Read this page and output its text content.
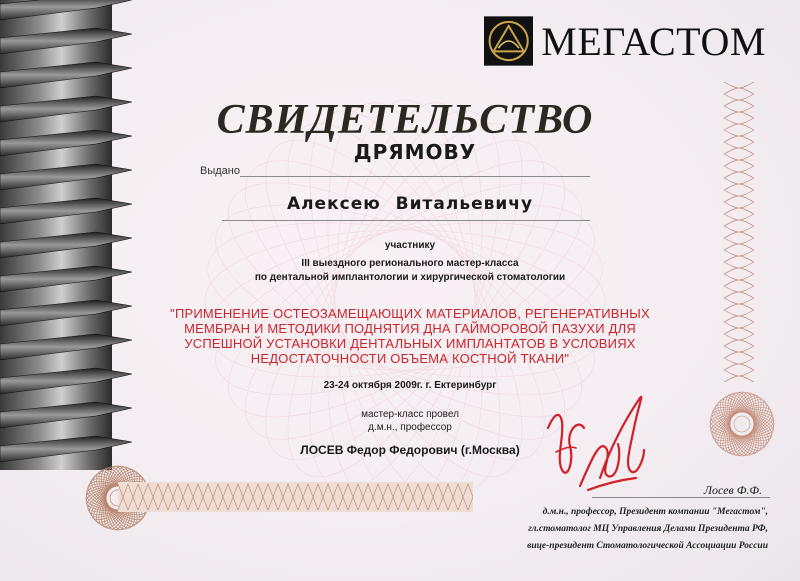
МЕГАСТОМ
СВИДЕТЕЛЬСТВО
ДРЯМОВУ
Выдано
Алексею Витальевичу
участнику
III выездного регионального мастер-класса
по дентальной имплантологии и хирургической стоматологии
"ПРИМЕНЕНИЕ ОСТЕОЗАМЕЩАЮЩИХ МАТЕРИАЛОВ, РЕГЕНЕРАТИВНЫХ
МЕМБРАН И МЕТОДИКИ ПОДНЯТИЯ ДНА ГАЙМОРОВОЙ ПАЗУХИ ДЛЯ
УСПЕШНОЙ УСТАНОВКИ ДЕНТАЛЬНЫХ ИМПЛАНТАТОВ В УСЛОВИЯХ
НЕДОСТАТОЧНОСТИ ОБЪЕМА КОСТНОЙ ТКАНИ"
23-24 октября 2009г. г. Ектеринбург
мастер-класс провел
д.м.н., профессор
ЛОСЕВ Федор Федорович (г.Москва)
Лосев Ф.Ф.
д.м.н., профессор, Президент компании "Мегастом",
гл.стоматолог МЦ Управления Делами Президента РФ,
вице-президент Стоматологической Ассоциации России
